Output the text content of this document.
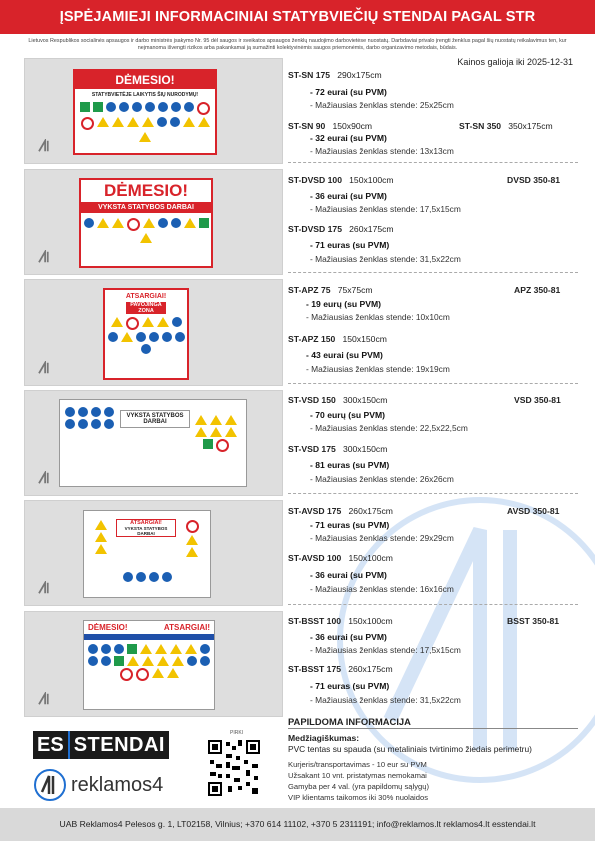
ĮSPĖJAMIEJI INFORMACINIAI STATYBVIEČIŲ STENDAI PAGAL STR
Lietuvos Respublikos socialinės apsaugos ir darbo ministrės įsakymo Nr. 95 dėl saugos ir sveikatos apsaugos ženklų naudojimo darbovietėse nuostatų. Darbdaviai privalo įrengti ženklus pagal šių nuostatų reikalavimus ten, kur neįmanoma išvengti rizikos arba pakankamai ją sumažinti kolektyvinėmis saugos priemonėmis, darbo organizavimo metodais, būdais.
Kainos galioja iki 2025-12-31
DĖMESIO!
STATYBVIETĖJE LAIKYTIS ŠIŲ NURODYMŲ!
ST-SN 175 290x175cm
- 72 eurai (su PVM)
- Mažiausias ženklas stende: 25x25cm
ST-SN 90 150x90cm	ST-SN 350 350x175cm
- 32 eurai (su PVM)
- Mažiausias ženklas stende: 13x13cm
DĖMESIO!
VYKSTA STATYBOS DARBAI
ST-DVSD 100 150x100cm	DVSD 350-81
- 36 eurai (su PVM)
- Mažiausias ženklas stende: 17,5x15cm
ST-DVSD 175 260x175cm
- 71 euras (su PVM)
- Mažiausias ženklas stende: 31,5x22cm
ATSARGIAI!
PAVOJINGA ZONA
ST-APZ 75 75x75cm	APZ 350-81
- 19 eurų (su PVM)
- Mažiausias ženklas stende: 10x10cm
ST-APZ 150 150x150cm
- 43 eurai (su PVM)
- Mažiausias ženklas stende: 19x19cm
VYKSTA STATYBOS DARBAI
ST-VSD 150 300x150cm	VSD 350-81
- 70 eurų (su PVM)
- Mažiausias ženklas stende: 22,5x22,5cm
ST-VSD 175 300x150cm
- 81 euras (su PVM)
- Mažiausias ženklas stende: 26x26cm
ATSARGIAI!
VYKSTA STATYBOS DARBAI
ST-AVSD 175 260x175cm	AVSD 350-81
- 71 euras (su PVM)
- Mažiausias ženklas stende: 29x29cm
ST-AVSD 100 150x100cm
- 36 eurai (su PVM)
- Mažiausias ženklas stende: 16x16cm
DĖMESIO!	ATSARGIAI!
ST-BSST 100 150x100cm	BSST 350-81
- 36 eurai (su PVM)
- Mažiausias ženklas stende: 17,5x15cm
ST-BSST 175 260x175cm
- 71 euras (su PVM)
- Mažiausias ženklas stende: 31,5x22cm
PAPILDOMA INFORMACIJA
Medžiagiškumas:
PVC tentas su spauda (su metaliniais tvirtinimo žiedais perimetru)
Kurjeris/transportavimas - 10 eur su PVM
Užsakant 10 vnt. pristatymas nemokamai
Gamyba per 4 val. (yra papildomų sąlygų)
VIP klientams taikomos iki 30% nuolaidos
ES STENDAI
reklamos4
PIRKI
UAB Reklamos4 Pelesos g. 1, LT02158, Vilnius; +370 614 11102, +370 5 2311191; info@reklamos.lt reklamos4.lt esstendai.lt
